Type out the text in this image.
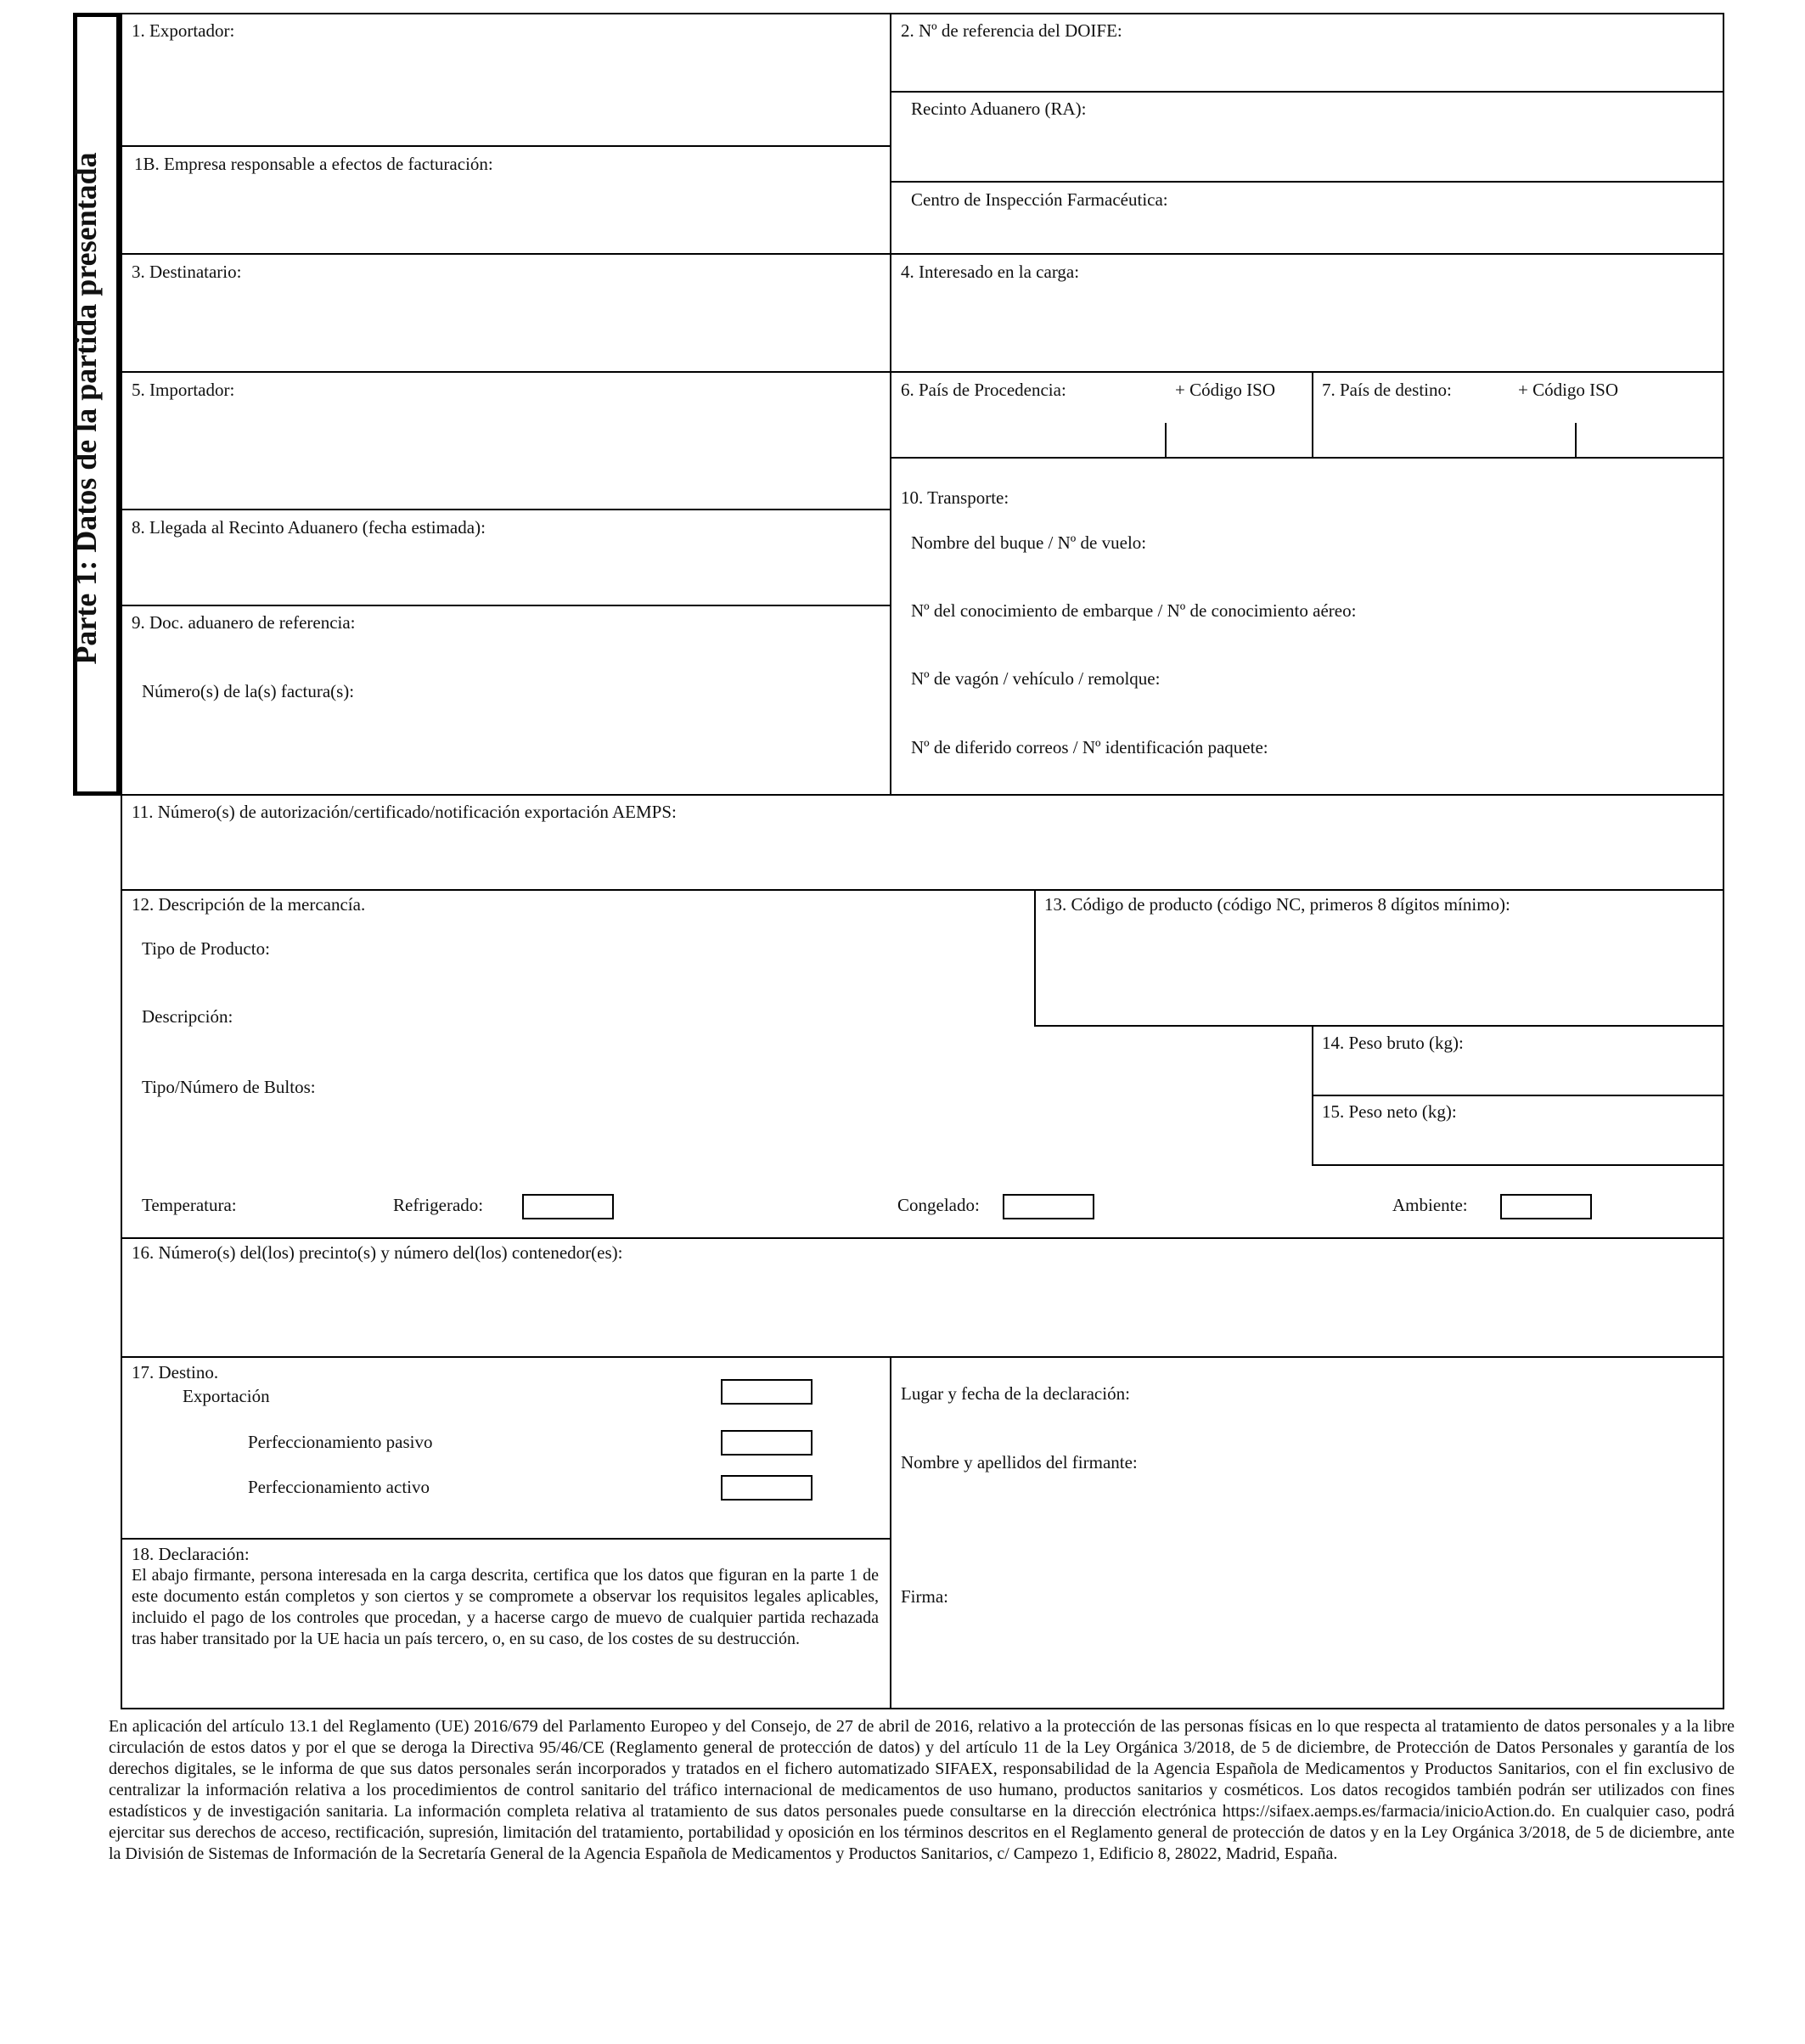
Parte 1: Datos de la partida presentada
1. Exportador:	2. Nº de referencia del DOIFE:
Recinto Aduanero (RA):
1B. Empresa responsable a efectos de facturación:
Centro de Inspección Farmacéutica:
3. Destinatario:	4. Interesado en la carga:
5. Importador:	6. País de Procedencia:	+ Código ISO	7. País de destino:	+ Código ISO
10. Transporte:
Nombre del buque / Nº de vuelo:
Nº del conocimiento de embarque / Nº de conocimiento aéreo:
Nº de vagón / vehículo / remolque:
Nº de diferido correos / Nº identificación paquete:
8. Llegada al Recinto Aduanero (fecha estimada):
9. Doc. aduanero de referencia:
Número(s) de la(s) factura(s):
11. Número(s) de autorización/certificado/notificación exportación AEMPS:
12. Descripción de la mercancía.
Tipo de Producto:
Descripción:
Tipo/Número de Bultos:
13. Código de producto (código NC, primeros 8 dígitos mínimo):
14. Peso bruto (kg):
15. Peso neto (kg):
Temperatura:	Refrigerado:	Congelado:	Ambiente:
16. Número(s) del(los) precinto(s) y número del(los) contenedor(es):
17. Destino.
Exportación
Perfeccionamiento pasivo
Perfeccionamiento activo
Lugar y fecha de la declaración:
Nombre y apellidos del firmante:
Firma:
18. Declaración:
El abajo firmante, persona interesada en la carga descrita, certifica que los datos que figuran en la parte 1 de este documento están completos y son ciertos y se compromete a observar los requisitos legales aplicables, incluido el pago de los controles que procedan, y a hacerse cargo de muevo de cualquier partida rechazada tras haber transitado por la UE hacia un país tercero, o, en su caso, de los costes de su destrucción.
En aplicación del artículo 13.1 del Reglamento (UE) 2016/679 del Parlamento Europeo y del Consejo, de 27 de abril de 2016, relativo a la protección de las personas físicas en lo que respecta al tratamiento de datos personales y a la libre circulación de estos datos y por el que se deroga la Directiva 95/46/CE (Reglamento general de protección de datos) y del artículo 11 de la Ley Orgánica 3/2018, de 5 de diciembre, de Protección de Datos Personales y garantía de los derechos digitales, se le informa de que sus datos personales serán incorporados y tratados en el fichero automatizado SIFAEX, responsabilidad de la Agencia Española de Medicamentos y Productos Sanitarios, con el fin exclusivo de centralizar la información relativa a los procedimientos de control sanitario del tráfico internacional de medicamentos de uso humano, productos sanitarios y cosméticos. Los datos recogidos también podrán ser utilizados con fines estadísticos y de investigación sanitaria. La información completa relativa al tratamiento de sus datos personales puede consultarse en la dirección electrónica https://sifaex.aemps.es/farmacia/inicioAction.do. En cualquier caso, podrá ejercitar sus derechos de acceso, rectificación, supresión, limitación del tratamiento, portabilidad y oposición en los términos descritos en el Reglamento general de protección de datos y en la Ley Orgánica 3/2018, de 5 de diciembre, ante la División de Sistemas de Información de la Secretaría General de la Agencia Española de Medicamentos y Productos Sanitarios, c/ Campezo 1, Edificio 8, 28022, Madrid, España.
